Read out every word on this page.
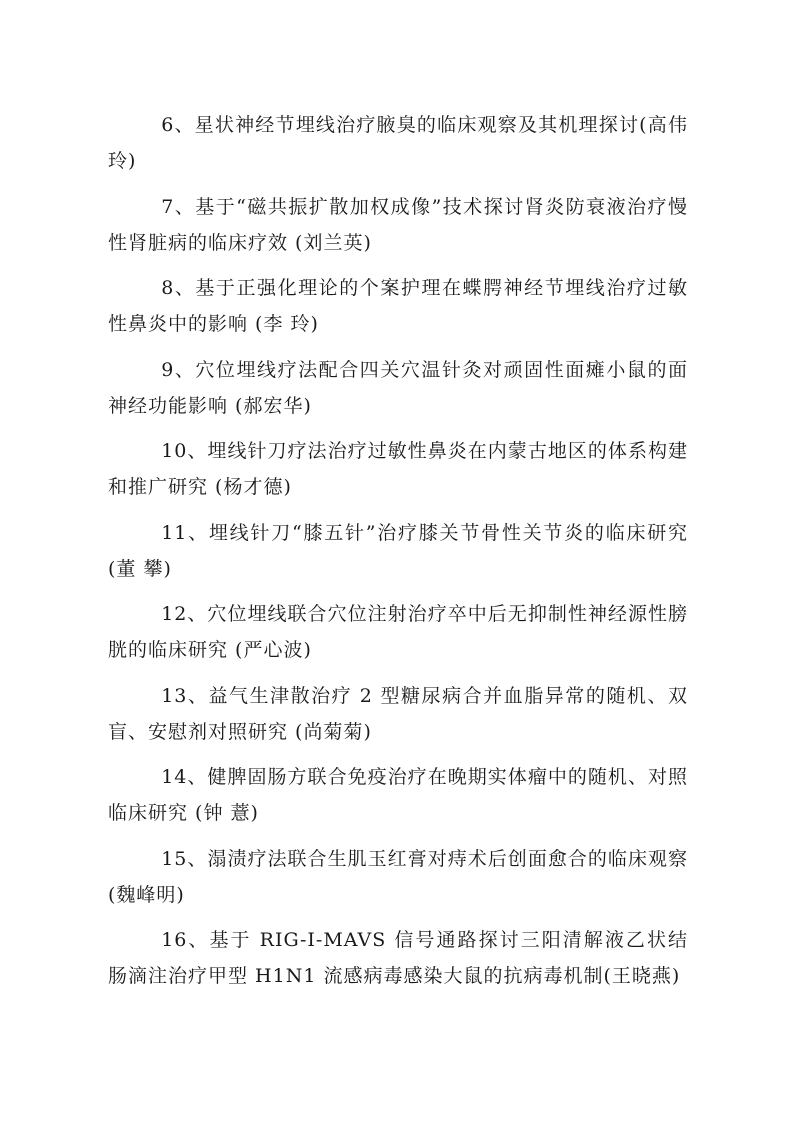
6、星状神经节埋线治疗腋臭的临床观察及其机理探讨(高伟玲)

7、基于“磁共振扩散加权成像”技术探讨肾炎防衰液治疗慢性肾脏病的临床疗效 (刘兰英)

8、基于正强化理论的个案护理在蝶腭神经节埋线治疗过敏性鼻炎中的影响 (李 玲)

9、穴位埋线疗法配合四关穴温针灸对顽固性面瘫小鼠的面神经功能影响 (郝宏华)

10、埋线针刀疗法治疗过敏性鼻炎在内蒙古地区的体系构建和推广研究 (杨才德)

11、埋线针刀“膝五针”治疗膝关节骨性关节炎的临床研究 (董 攀)

12、穴位埋线联合穴位注射治疗卒中后无抑制性神经源性膀胱的临床研究 (严心波)

13、益气生津散治疗 2 型糖尿病合并血脂异常的随机、双盲、安慰剂对照研究 (尚菊菊)

14、健脾固肠方联合免疫治疗在晚期实体瘤中的随机、对照临床研究 (钟 薏)

15、溻渍疗法联合生肌玉红膏对痔术后创面愈合的临床观察 (魏峰明)

16、基于 RIG-I-MAVS 信号通路探讨三阳清解液乙状结肠滴注治疗甲型 H1N1 流感病毒感染大鼠的抗病毒机制(王晓燕)
